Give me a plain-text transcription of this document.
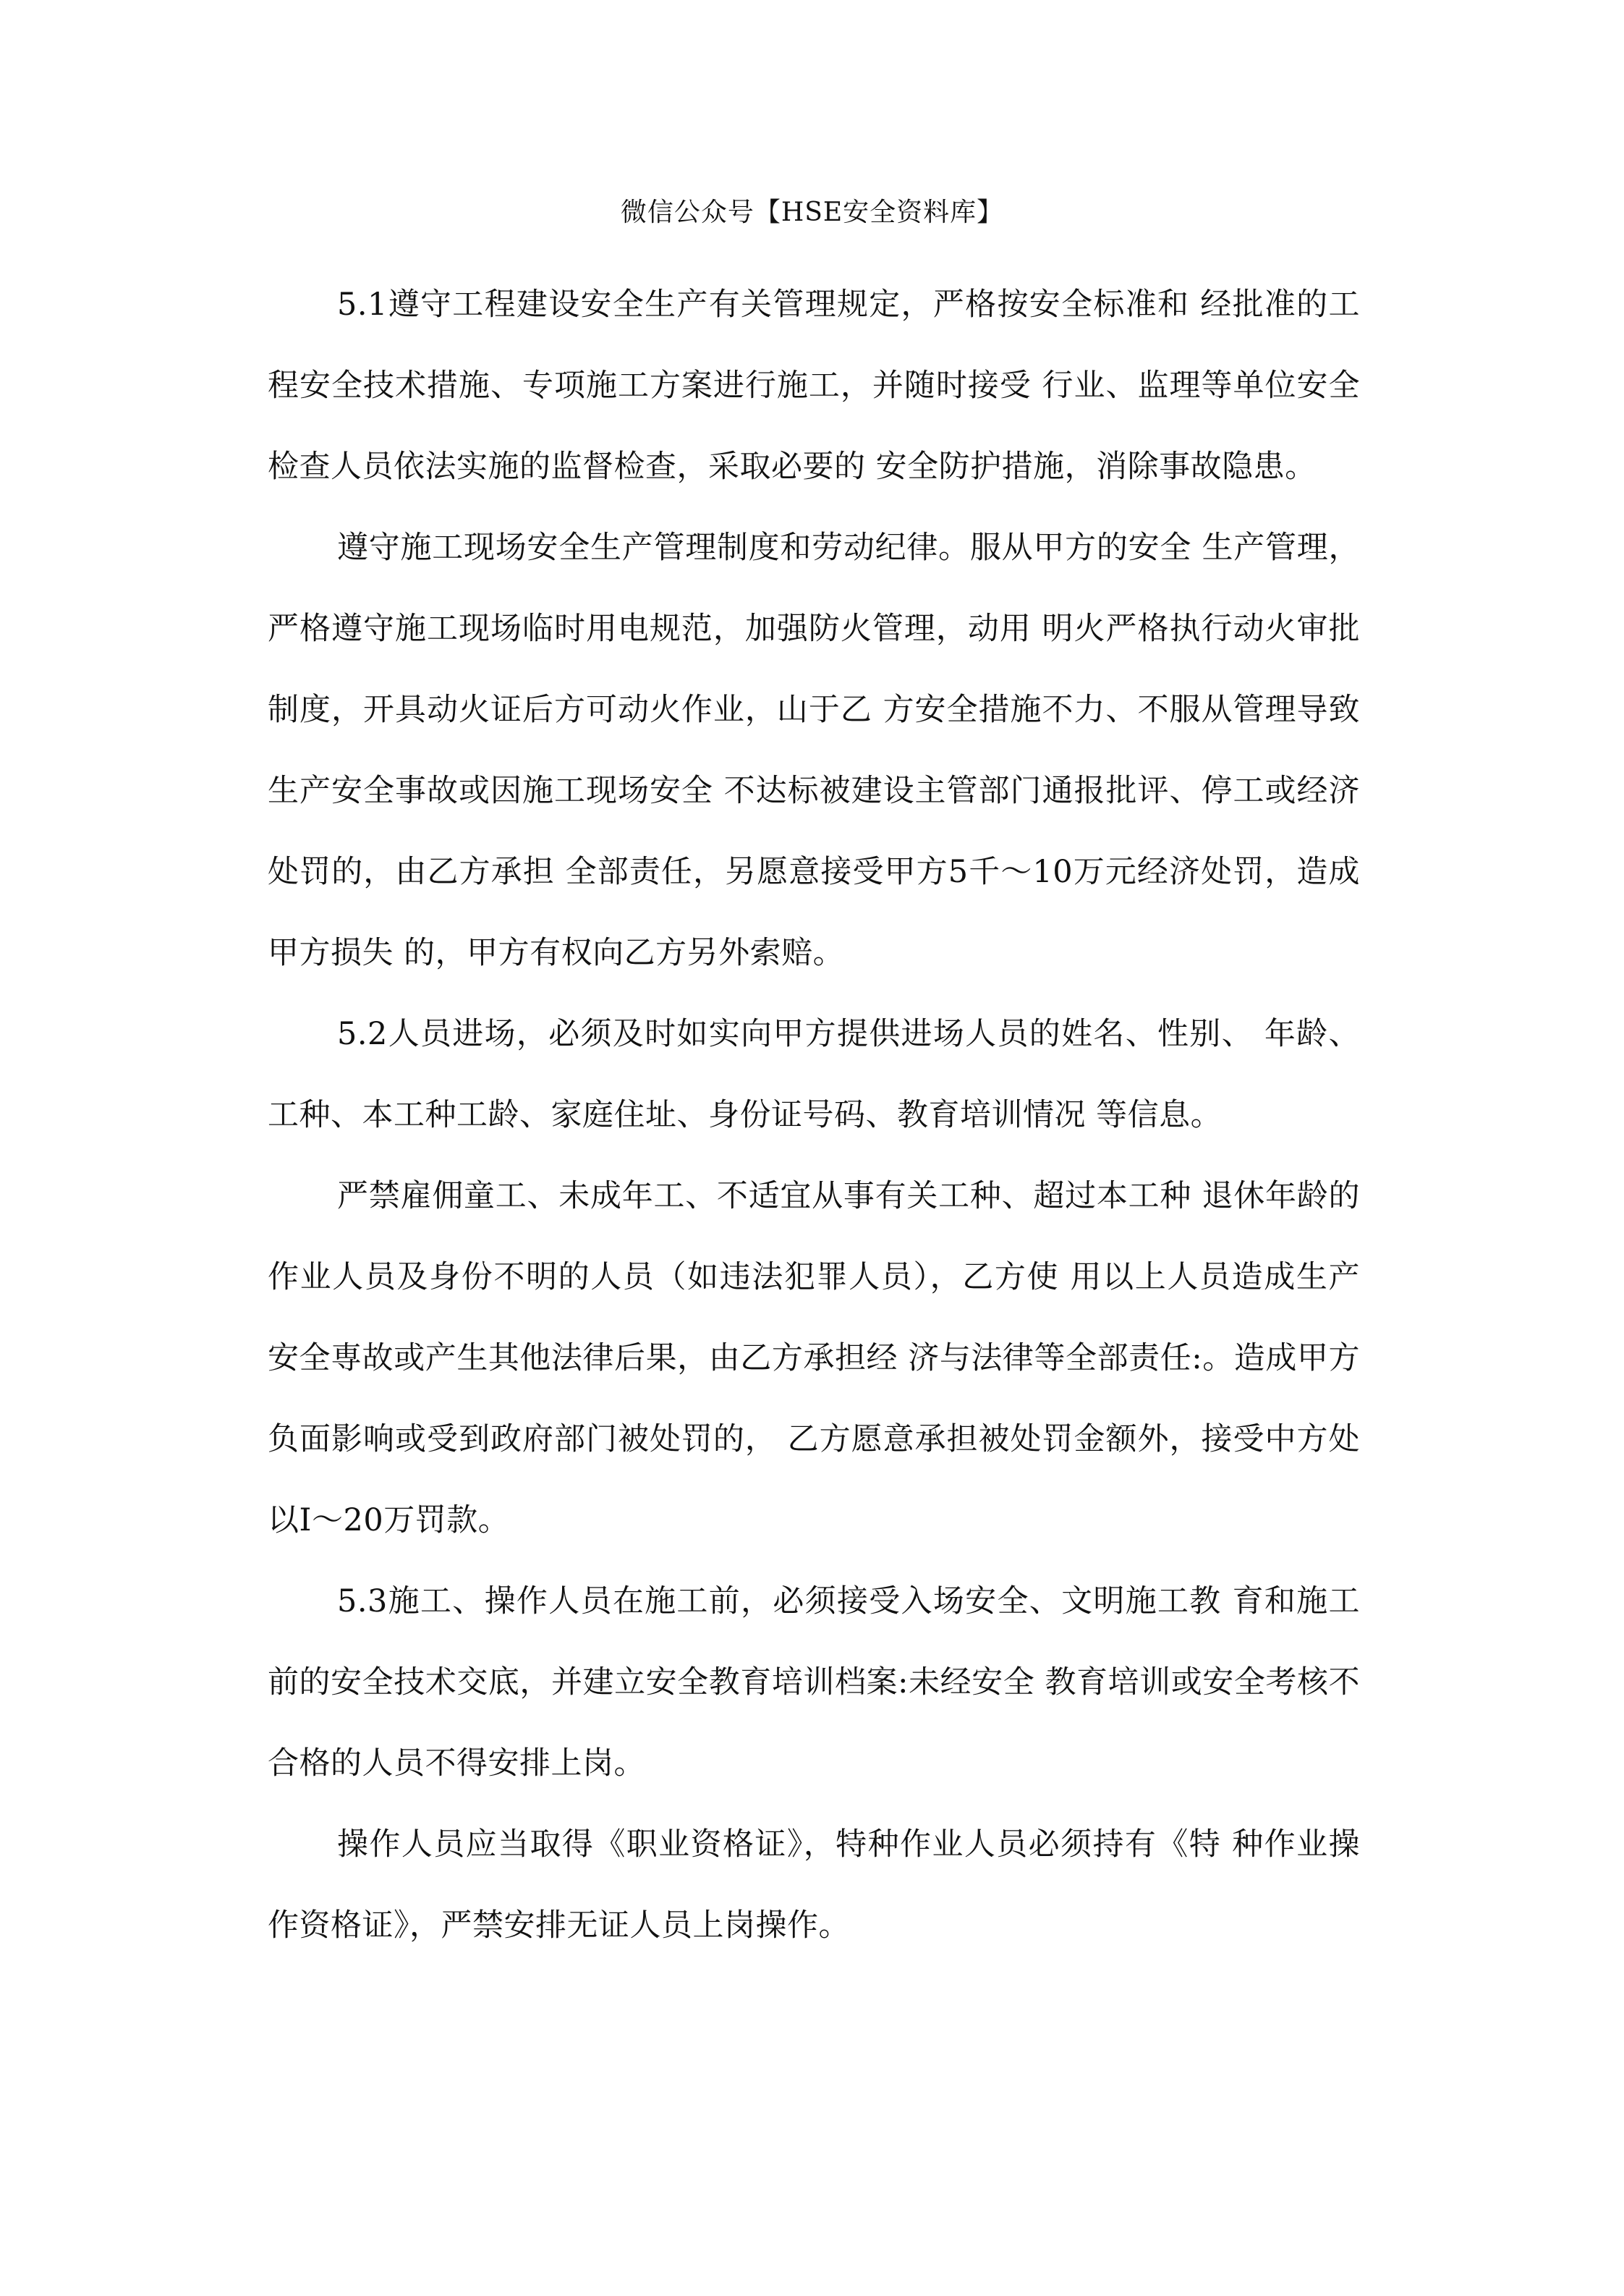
微信公众号【HSE安全资料库】

5.1遵守工程建设安全生产有关管理规定，严格按安全标准和 经批准的工程安全技术措施、专项施工方案进行施工，并随时接受 行业、监理等单位安全检查人员依法实施的监督检查，采取必要的 安全防护措施，消除事故隐患。

遵守施工现场安全生产管理制度和劳动纪律。服从甲方的安全 生产管理，严格遵守施工现场临时用电规范，加强防火管理，动用 明火严格执行动火审批制度，开具动火证后方可动火作业，山于乙 方安全措施不力、不服从管理导致生产安全事故或因施工现场安全 不达标被建设主管部门通报批评、停工或经济处罚的，由乙方承担 全部责任，另愿意接受甲方5千〜10万元经济处罚，造成甲方损失 的，甲方有权向乙方另外索赔。

5.2人员进场，必须及时如实向甲方提供进场人员的姓名、性别、 年龄、工种、本工种工龄、家庭住址、身份证号码、教育培训情况 等信息。

严禁雇佣童工、未成年工、不适宜从事有关工种、超过本工种 退休年龄的作业人员及身份不明的人员（如违法犯罪人员），乙方使 用以上人员造成生产安全専故或产生其他法律后果，由乙方承担经 济与法律等全部责任:。造成甲方负面影响或受到政府部门被处罚的， 乙方愿意承担被处罚金额外，接受中方处以I〜20万罚款。

5.3施工、操作人员在施工前，必须接受入场安全、文明施工教 育和施工前的安全技术交底，并建立安全教育培训档案:未经安全 教育培训或安全考核不合格的人员不得安排上岗。

操作人员应当取得《职业资格证》，特种作业人员必须持有《特 种作业操作资格证》，严禁安排无证人员上岗操作。
